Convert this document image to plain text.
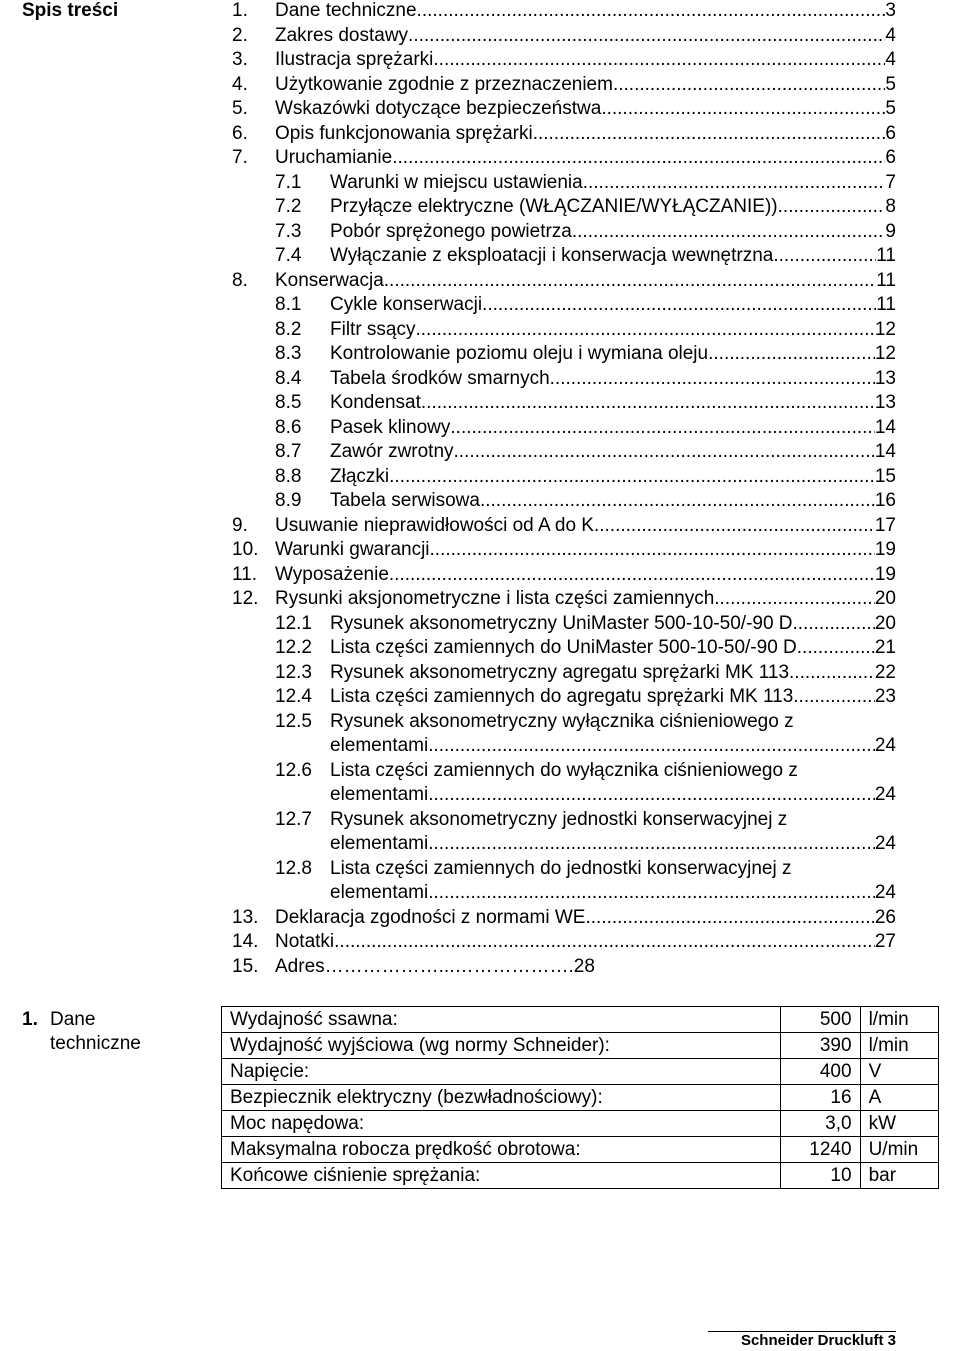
Spis treści	1.	Dane techniczne .....	3
2.	Zakres dostawy .....	4
3.	Ilustracja sprężarki .....	4
4.	Użytkowanie zgodnie z przeznaczeniem .....	5
5.	Wskazówki dotyczące bezpieczeństwa .....	5
6.	Opis funkcjonowania sprężarki .....	6
7.	Uruchamianie .....	6
7.1	Warunki w miejscu ustawienia .....	7
7.2	Przyłącze elektryczne (WŁĄCZANIE/WYŁĄCZANIE)) .....	8
7.3	Pobór sprężonego powietrza .....	9
7.4	Wyłączanie z eksploatacji i konserwacja wewnętrzna .....	11
8.	Konserwacja .....	11
8.1	Cykle konserwacji .....	11
8.2	Filtr ssący .....	12
8.3	Kontrolowanie poziomu oleju i wymiana oleju .....	12
8.4	Tabela środków smarnych .....	13
8.5	Kondensat .....	13
8.6	Pasek klinowy .....	14
8.7	Zawór zwrotny .....	14
8.8	Złączki .....	15
8.9	Tabela serwisowa .....	16
9.	Usuwanie nieprawidłowości od A do K .....	17
10. Warunki gwarancji .....	19
11. Wyposażenie .....	19
12. Rysunki aksjonometryczne i lista części zamiennych .....	20
12.1 Rysunek aksonometryczny UniMaster 500-10-50/-90 D .....	20
12.2 Lista części zamiennych do UniMaster 500-10-50/-90 D .....	21
12.3 Rysunek aksonometryczny agregatu sprężarki MK 113 .....	22
12.4 Lista części zamiennych do agregatu sprężarki MK 113 .....	23
12.5 Rysunek aksonometryczny wyłącznika ciśnieniowego z
elementami .....	24
12.6 Lista części zamiennych do wyłącznika ciśnieniowego z
elementami .....	24
12.7 Rysunek aksonometryczny jednostki konserwacyjnej z
elementami .....	24
12.8 Lista części zamiennych do jednostki konserwacyjnej z
elementami .....	24
13. Deklaracja zgodności z normami WE .....	26
14. Notatki .....	27
15. Adres ………………...………………. 28
1. Dane techniczne
Wydajność ssawna:	500	l/min
Wydajność wyjściowa (wg normy Schneider):	390	l/min
Napięcie:	400	V
Bezpiecznik elektryczny (bezwładnościowy):	16	A
Moc napędowa:	3,0	kW
Maksymalna robocza prędkość obrotowa:	1240	U/min
Końcowe ciśnienie sprężania:	10	bar
Schneider Druckluft 3
